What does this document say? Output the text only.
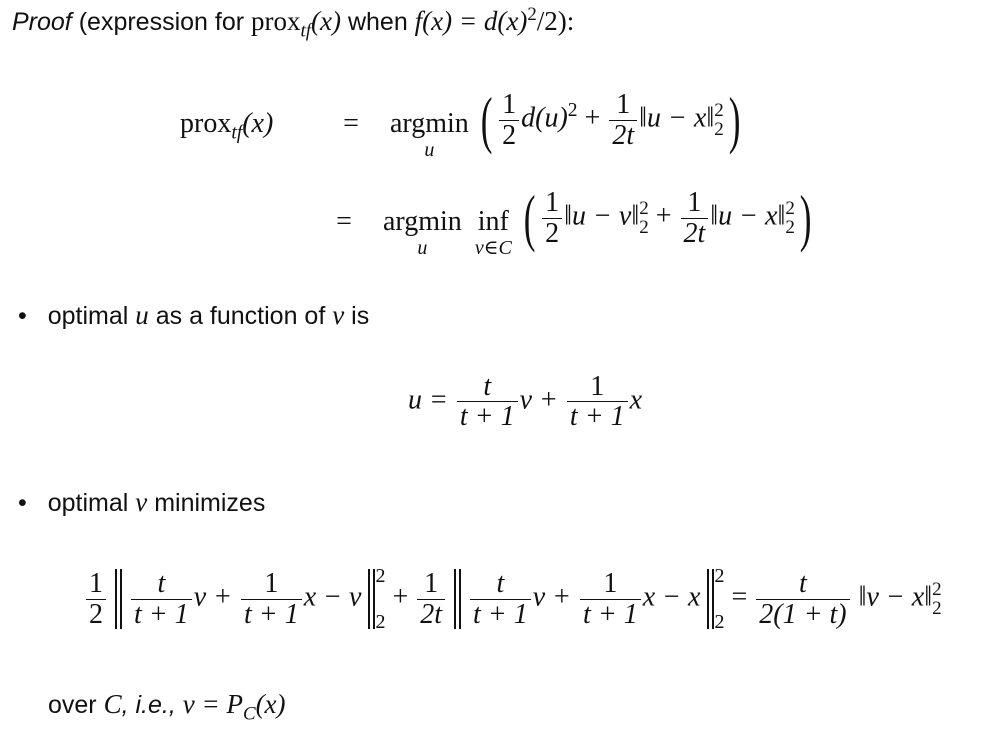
Proof (expression for prox$_{tf}$(x) when $f(x) = d(x)^2/2$):
prox$_{tf}$(x) = argmin
u ( $\frac{1}{2} d(u)^2 + \frac{1}{2t}$ ‖u − x‖ 2
2 )
= argmin
u

inf
v∈C ( $\frac{1}{2}$ ‖u − v‖ 2
$2 + \frac{1}{2t}$ ‖u − x‖ 2
2 )
• optimal u as a function of v is
$u = \frac{t}{t + 1}$ $v + \frac{1}{t + 1}$ x
• optimal v minimizes
$\frac{1}{2}$
$\frac{t}{t + 1}$ $v + \frac{1}{t + 1}$ x − v
2
2
+ $\frac{1}{2t}$
$\frac{t}{t + 1}$ $v + \frac{1}{t + 1}$ x − x
2
2
= $\frac{t}{2(1 + t)}$ ‖v − x‖ 2
2
over C, i.e., $v = P_C(x)$
